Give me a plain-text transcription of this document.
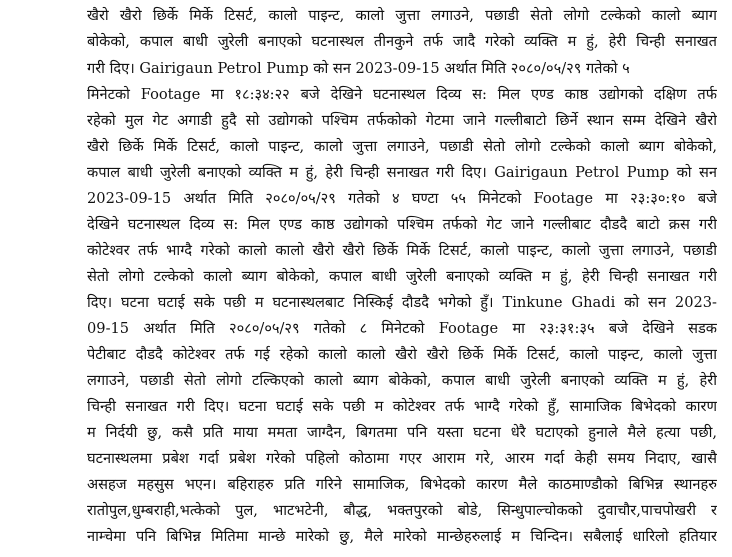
खैरो खैरो छिर्के मिर्के टिसर्ट, कालो पाइन्ट, कालो जुत्ता लगाउने, पछाडी सेतो लोगो टल्केको कालो ब्याग
बोकेको, कपाल बाधी जुरेली बनाएको घटनास्थल तीनकुने तर्फ जादै गरेको व्यक्ति म हुं, हेरी चिन्ही सनाखत
गरी दिए। Gairigaun Petrol Pump को सन 2023-09-15 अर्थात मिति २०८०/०५/२९ गतेको ५
मिनेटको Footage मा १८:३४:२२ बजे देखिने घटनास्थल दिव्य स: मिल एण्ड काष्ठ उद्योगको दक्षिण तर्फ
रहेको मुल गेट अगाडी हुदै सो उद्योगको पश्चिम तर्फकोको गेटमा जाने गल्लीबाटो छिर्ने स्थान सम्म देखिने खैरो
खैरो छिर्के मिर्के टिसर्ट, कालो पाइन्ट, कालो जुत्ता लगाउने, पछाडी सेतो लोगो टल्केको कालो ब्याग बोकेको,
कपाल बाधी जुरेली बनाएको व्यक्ति म हुं, हेरी चिन्ही सनाखत गरी दिए। Gairigaun Petrol Pump को सन
2023-09-15 अर्थात मिति २०८०/०५/२९ गतेको ४ घण्टा ५५ मिनेटको Footage मा २३:३०:१० बजे
देखिने घटनास्थल दिव्य स: मिल एण्ड काष्ठ उद्योगको पश्चिम तर्फको गेट जाने गल्लीबाट दौडदै बाटो क्रस गरी
कोटेश्वर तर्फ भाग्दै गरेको कालो कालो खैरो खैरो छिर्के मिर्के टिसर्ट, कालो पाइन्ट, कालो जुत्ता लगाउने, पछाडी
सेतो लोगो टल्केको कालो ब्याग बोकेको, कपाल बाधी जुरेली बनाएको व्यक्ति म हुं, हेरी चिन्ही सनाखत गरी
दिए। घटना घटाई सके पछी म घटनास्थलबाट निस्किई दौडदै भगेको हुँ। Tinkune Ghadi को सन 2023-
09-15 अर्थात मिति २०८०/०५/२९ गतेको ८ मिनेटको Footage मा २३:३१:३५ बजे देखिने सडक
पेटीबाट दौडदै कोटेश्वर तर्फ गई रहेको कालो कालो खैरो खैरो छिर्के मिर्के टिसर्ट, कालो पाइन्ट, कालो जुत्ता
लगाउने, पछाडी सेतो लोगो टल्किएको कालो ब्याग बोकेको, कपाल बाधी जुरेली बनाएको व्यक्ति म हुं, हेरी
चिन्ही सनाखत गरी दिए। घटना घटाई सके पछी म कोटेश्वर तर्फ भाग्दै गरेको हुँ, सामाजिक बिभेदको कारण
म निर्दयी छु, कसै प्रति माया ममता जाग्दैन, बिगतमा पनि यस्ता घटना धेरै घटाएको हुनाले मैले हत्या पछी,
घटनास्थलमा प्रबेश गर्दा प्रबेश गरेको पहिलो कोठामा गएर आराम गरे, आरम गर्दा केही समय निदाए, खासै
असहज महसुस भएन। बहिराहरु प्रति गरिने सामाजिक, बिभेदको कारण मैले काठमाण्डौको बिभिन्न स्थानहरु
रातोपुल,धुम्बराही,भत्केको पुल, भाटभटेनी, बौद्ध, भक्तपुरको बोडे, सिन्धुपाल्चोकको दुवाचौर,पाचपोखरी र
नाम्चेमा पनि बिभिन्न मितिमा मान्छे मारेको छु, मैले मारेको मान्छेहरुलाई म चिन्दिन। सबैलाई धारिलो हतियार
